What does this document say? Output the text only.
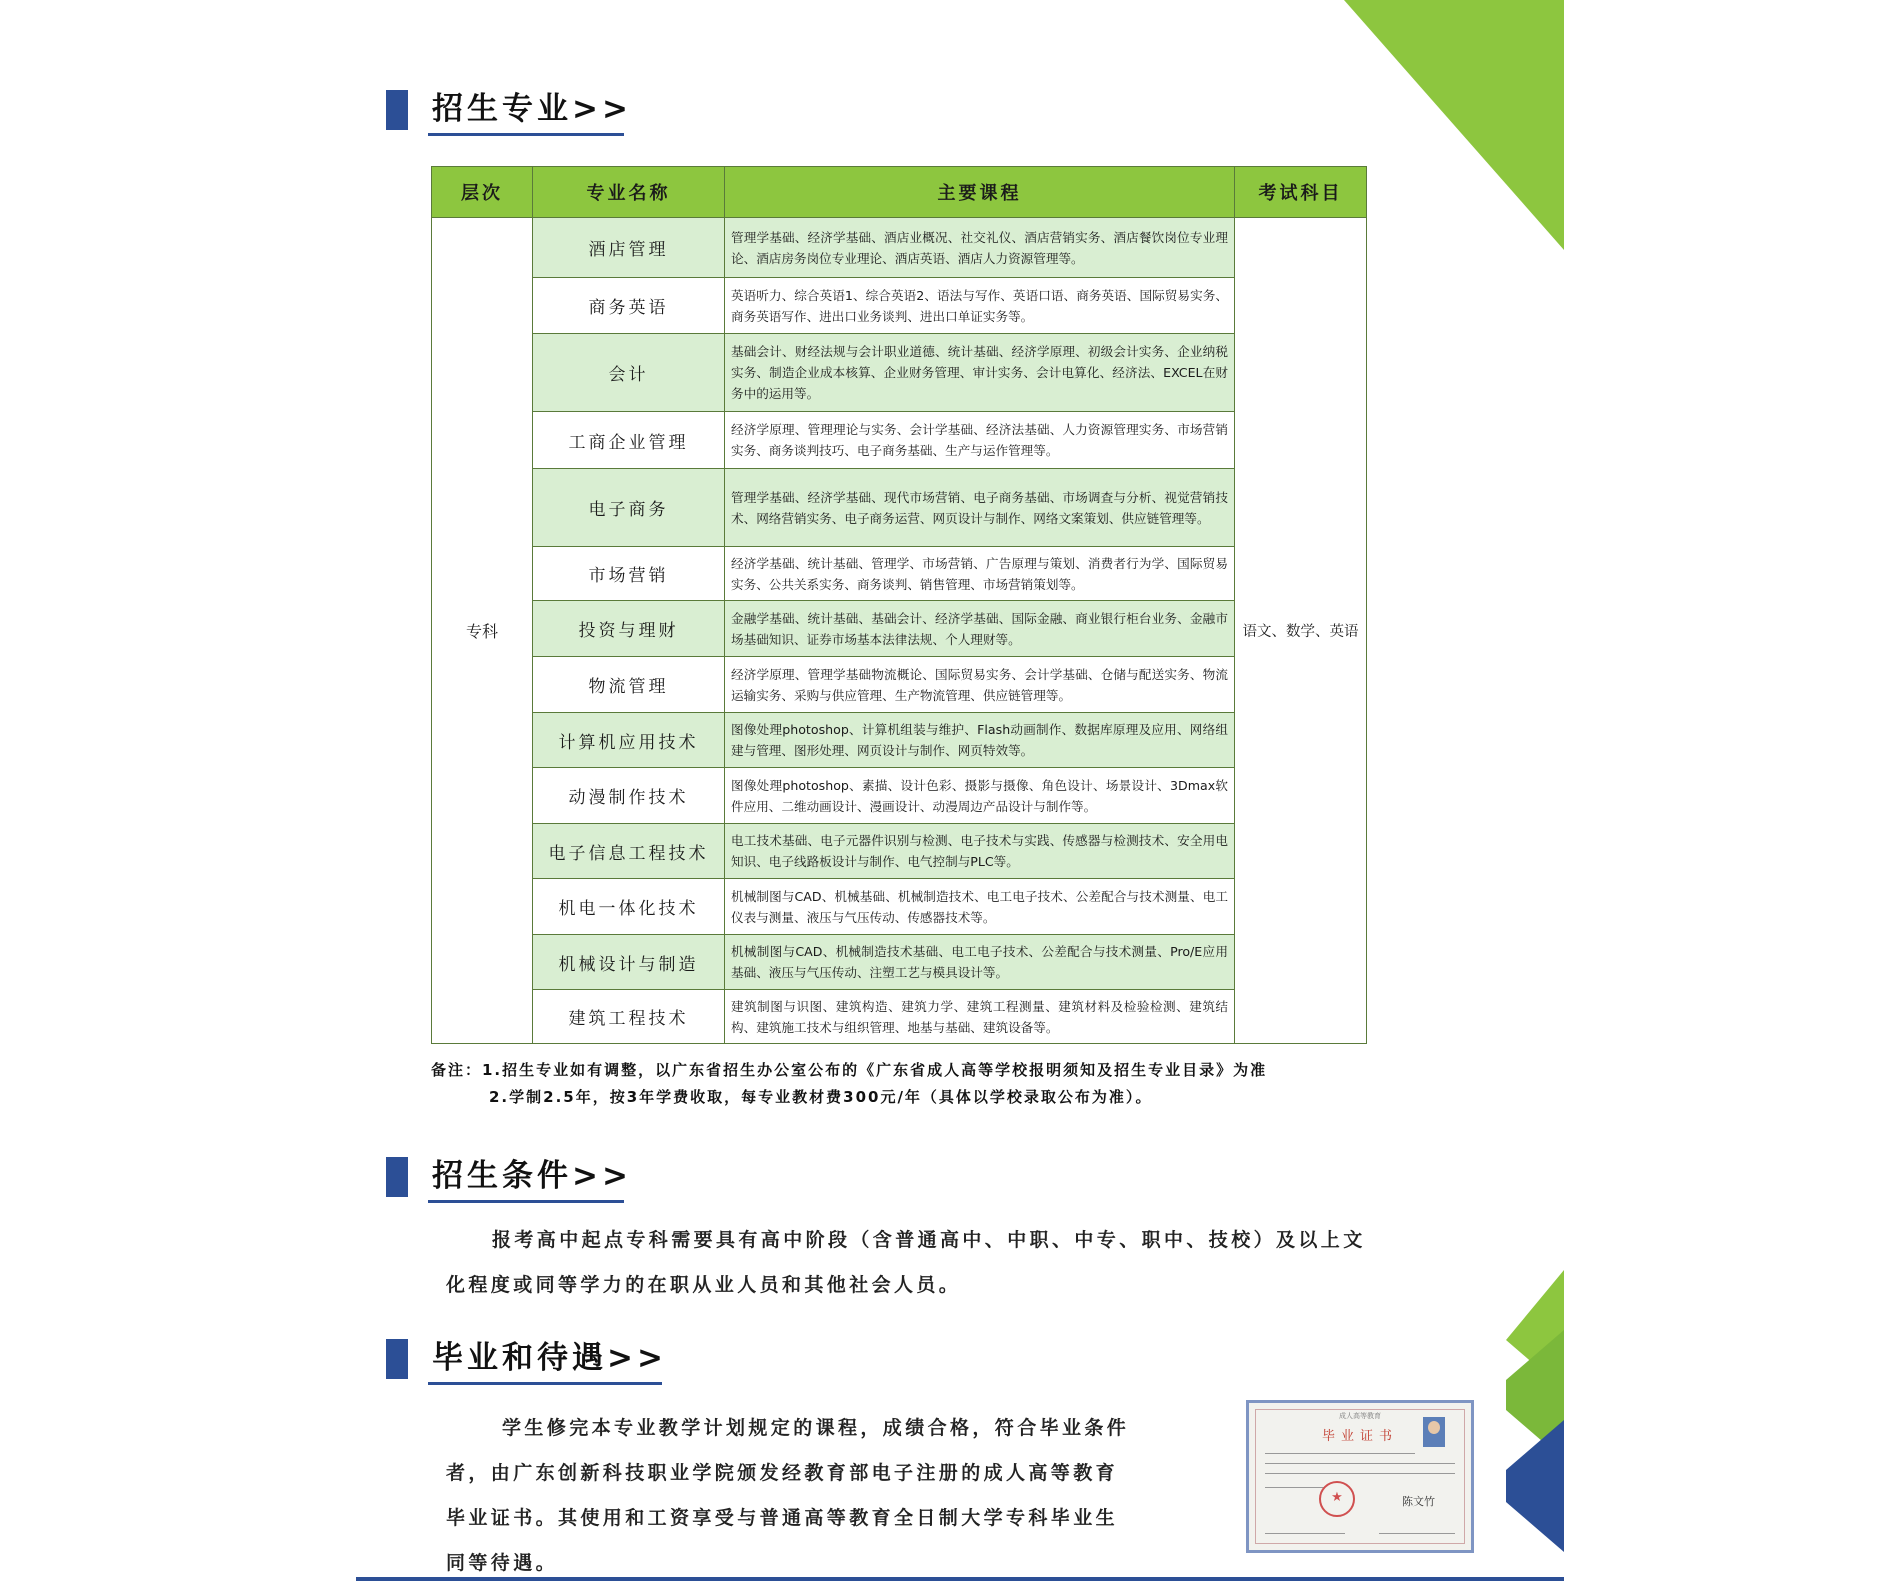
招生专业>>
层次	专业名称	主要课程	考试科目
专科	酒店管理	管理学基础、经济学基础、酒店业概况、社交礼仪、酒店营销实务、酒店餐饮岗位专业理论、酒店房务岗位专业理论、酒店英语、酒店人力资源管理等。	语文、数学、英语
	商务英语	英语听力、综合英语1、综合英语2、语法与写作、英语口语、商务英语、国际贸易实务、商务英语写作、进出口业务谈判、进出口单证实务等。	
	会计	基础会计、财经法规与会计职业道德、统计基础、经济学原理、初级会计实务、企业纳税实务、制造企业成本核算、企业财务管理、审计实务、会计电算化、经济法、EXCEL在财务中的运用等。	
	工商企业管理	经济学原理、管理理论与实务、会计学基础、经济法基础、人力资源管理实务、市场营销实务、商务谈判技巧、电子商务基础、生产与运作管理等。	
	电子商务	管理学基础、经济学基础、现代市场营销、电子商务基础、市场调查与分析、视觉营销技术、网络营销实务、电子商务运营、网页设计与制作、网络文案策划、供应链管理等。	
	市场营销	经济学基础、统计基础、管理学、市场营销、广告原理与策划、消费者行为学、国际贸易实务、公共关系实务、商务谈判、销售管理、市场营销策划等。	
	投资与理财	金融学基础、统计基础、基础会计、经济学基础、国际金融、商业银行柜台业务、金融市场基础知识、证券市场基本法律法规、个人理财等。	
	物流管理	经济学原理、管理学基础物流概论、国际贸易实务、会计学基础、仓储与配送实务、物流运输实务、采购与供应管理、生产物流管理、供应链管理等。	
	计算机应用技术	图像处理photoshop、计算机组装与维护、Flash动画制作、数据库原理及应用、网络组建与管理、图形处理、网页设计与制作、网页特效等。	
	动漫制作技术	图像处理photoshop、素描、设计色彩、摄影与摄像、角色设计、场景设计、3Dmax软件应用、二维动画设计、漫画设计、动漫周边产品设计与制作等。	
	电子信息工程技术	电工技术基础、电子元器件识别与检测、电子技术与实践、传感器与检测技术、安全用电知识、电子线路板设计与制作、电气控制与PLC等。	
	机电一体化技术	机械制图与CAD、机械基础、机械制造技术、电工电子技术、公差配合与技术测量、电工仪表与测量、液压与气压传动、传感器技术等。	
	机械设计与制造	机械制图与CAD、机械制造技术基础、电工电子技术、公差配合与技术测量、Pro/E应用基础、液压与气压传动、注塑工艺与模具设计等。	
	建筑工程技术	建筑制图与识图、建筑构造、建筑力学、建筑工程测量、建筑材料及检验检测、建筑结构、建筑施工技术与组织管理、地基与基础、建筑设备等。	
备注：1.招生专业如有调整，以广东省招生办公室公布的《广东省成人高等学校报明须知及招生专业目录》为准
2.学制2.5年，按3年学费收取，每专业教材费300元/年（具体以学校录取公布为准）。
招生条件>>
报考高中起点专科需要具有高中阶段（含普通高中、中职、中专、职中、技校）及以上文
化程度或同等学力的在职从业人员和其他社会人员。
毕业和待遇>>
学生修完本专业教学计划规定的课程，成绩合格，符合毕业条件
者，由广东创新科技职业学院颁发经教育部电子注册的成人高等教育
毕业证书。其使用和工资享受与普通高等教育全日制大学专科毕业生
同等待遇。
成人高等教育
毕业证书
★	陈文竹
